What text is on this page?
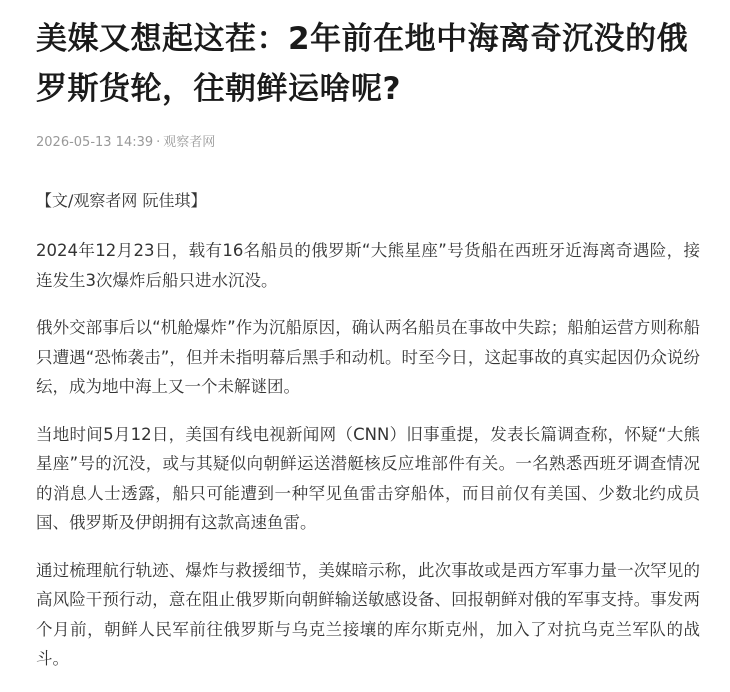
美媒又想起这茬：2年前在地中海离奇沉没的俄罗斯货轮，往朝鲜运啥呢?
2026-05-13 14:39 · 观察者网
【文/观察者网 阮佳琪】

2024年12月23日，载有16名船员的俄罗斯“大熊星座”号货船在西班牙近海离奇遇险，接连发生3次爆炸后船只进水沉没。

俄外交部事后以“机舱爆炸”作为沉船原因，确认两名船员在事故中失踪；船舶运营方则称船只遭遇“恐怖袭击”，但并未指明幕后黑手和动机。时至今日，这起事故的真实起因仍众说纷纭，成为地中海上又一个未解谜团。

当地时间5月12日，美国有线电视新闻网（CNN）旧事重提，发表长篇调查称，怀疑“大熊星座”号的沉没，或与其疑似向朝鲜运送潜艇核反应堆部件有关。一名熟悉西班牙调查情况的消息人士透露，船只可能遭到一种罕见鱼雷击穿船体，而目前仅有美国、少数北约成员国、俄罗斯及伊朗拥有这款高速鱼雷。

通过梳理航行轨迹、爆炸与救援细节，美媒暗示称，此次事故或是西方军事力量一次罕见的高风险干预行动，意在阻止俄罗斯向朝鲜输送敏感设备、回报朝鲜对俄的军事支持。事发两个月前，朝鲜人民军前往俄罗斯与乌克兰接壤的库尔斯克州，加入了对抗乌克兰军队的战斗。
